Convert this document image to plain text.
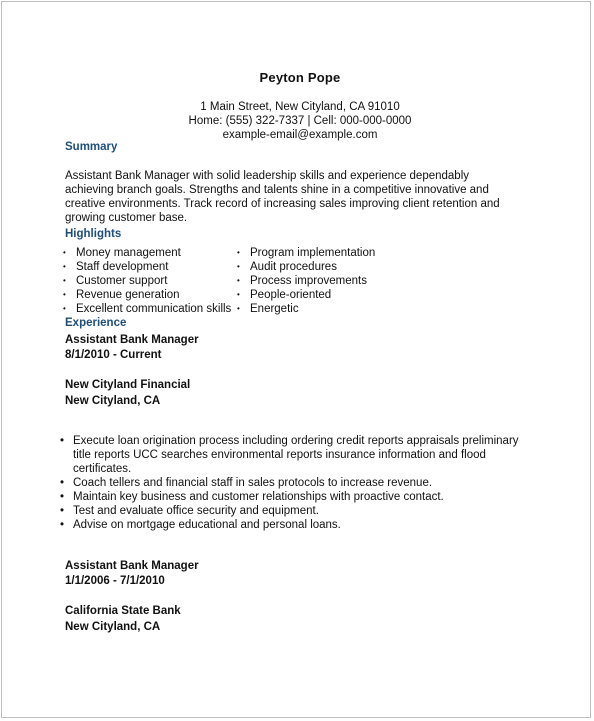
Peyton Pope
1 Main Street, New Cityland, CA 91010
Home: (555) 322-7337 | Cell: 000-000-0000
example-email@example.com
Summary
Assistant Bank Manager with solid leadership skills and experience dependably achieving branch goals. Strengths and talents shine in a competitive innovative and creative environments. Track record of increasing sales improving client retention and growing customer base.
Highlights
• Money management
• Staff development
• Customer support
• Revenue generation
• Excellent communication skills
• Program implementation
• Audit procedures
• Process improvements
• People-oriented
• Energetic
Experience
Assistant Bank Manager
8/1/2010 - Current
New Cityland Financial
New Cityland, CA
• Execute loan origination process including ordering credit reports appraisals preliminary title reports UCC searches environmental reports insurance information and flood certificates.
• Coach tellers and financial staff in sales protocols to increase revenue.
• Maintain key business and customer relationships with proactive contact.
• Test and evaluate office security and equipment.
• Advise on mortgage educational and personal loans.
Assistant Bank Manager
1/1/2006 - 7/1/2010
California State Bank
New Cityland, CA
